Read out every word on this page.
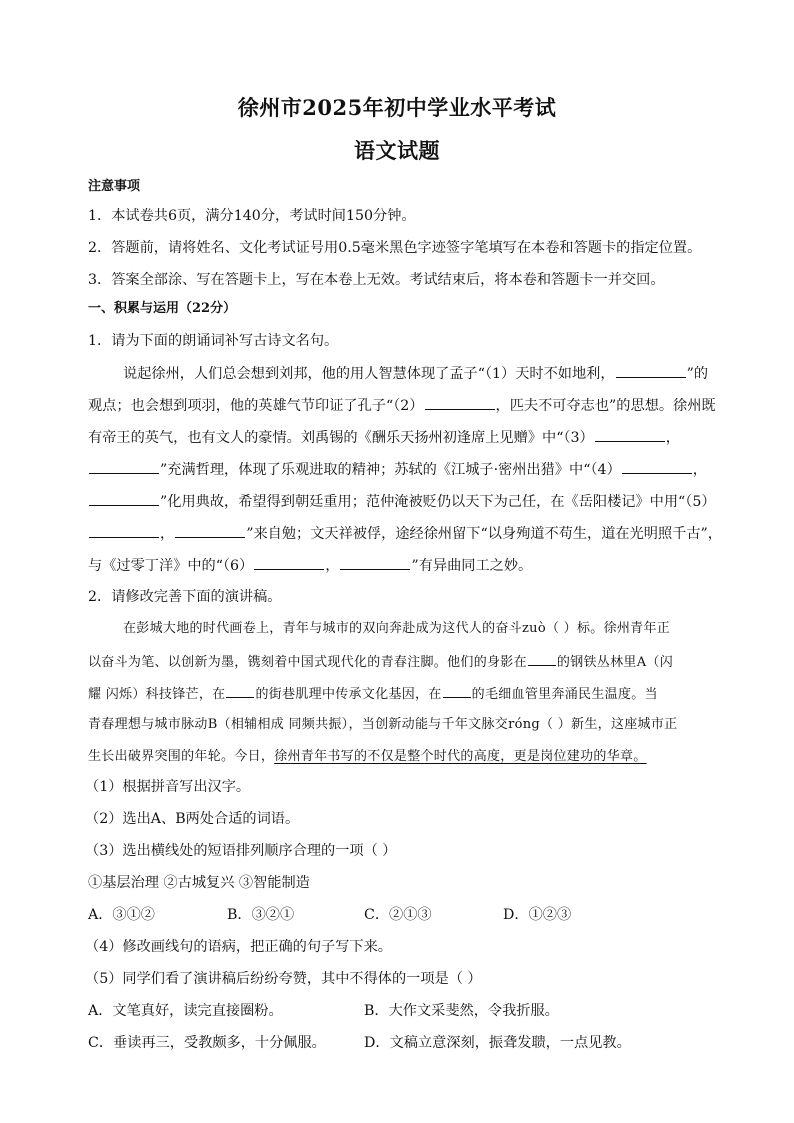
徐州市2025年初中学业水平考试
语文试题
注意事项
1．本试卷共6页，满分140分，考试时间150分钟。
2．答题前，请将姓名、文化考试证号用0.5毫米黑色字迹签字笔填写在本卷和答题卡的指定位置。
3．答案全部涂、写在答题卡上，写在本卷上无效。考试结束后，将本卷和答题卡一并交回。
一、积累与运用（22分）
1．请为下面的朗诵词补写古诗文名句。
说起徐州，人们总会想到刘邦，他的用人智慧体现了孟子“（1）天时不如地利，	”的
观点；也会想到项羽，他的英雄气节印证了孔子“（2）	，匹夫不可夺志也”的思想。徐州既
有帝王的英气，也有文人的豪情。刘禹锡的《酬乐天扬州初逢席上见赠》中“（3）	，
”充满哲理，体现了乐观进取的精神；苏轼的《江城子·密州出猎》中“（4）	，
”化用典故，希望得到朝廷重用；范仲淹被贬仍以天下为己任，在《岳阳楼记》中用“（5）
，	”来自勉；文天祥被俘，途经徐州留下“以身殉道不苟生，道在光明照千古”，
与《过零丁洋》中的“（6）	，	”有异曲同工之妙。
2．请修改完善下面的演讲稿。
在彭城大地的时代画卷上，青年与城市的双向奔赴成为这代人的奋斗zuò（ ）标。徐州青年正
以奋斗为笔、以创新为墨，镌刻着中国式现代化的青春注脚。他们的身影在 的钢铁丛林里A（闪
耀 闪烁）科技锋芒，在 的街巷肌理中传承文化基因，在 的毛细血管里奔涌民生温度。当
青春理想与城市脉动B（相辅相成 同频共振），当创新动能与千年文脉交róng（ ）新生，这座城市正
生长出破界突围的年轮。今日，徐州青年书写的不仅是整个时代的高度，更是岗位建功的华章。
（1）根据拼音写出汉字。
（2）选出A、B两处合适的词语。
（3）选出横线处的短语排列顺序合理的一项（ ）
①基层治理 ②古城复兴 ③智能制造
A．③①②	B．③②①	C．②①③	D．①②③
（4）修改画线句的语病，把正确的句子写下来。
（5）同学们看了演讲稿后纷纷夸赞，其中不得体的一项是（ ）
A．文笔真好，读完直接圈粉。	B．大作文采斐然，令我折服。
C．垂读再三，受教颇多，十分佩服。	D．文稿立意深刻，振聋发聩，一点见教。
